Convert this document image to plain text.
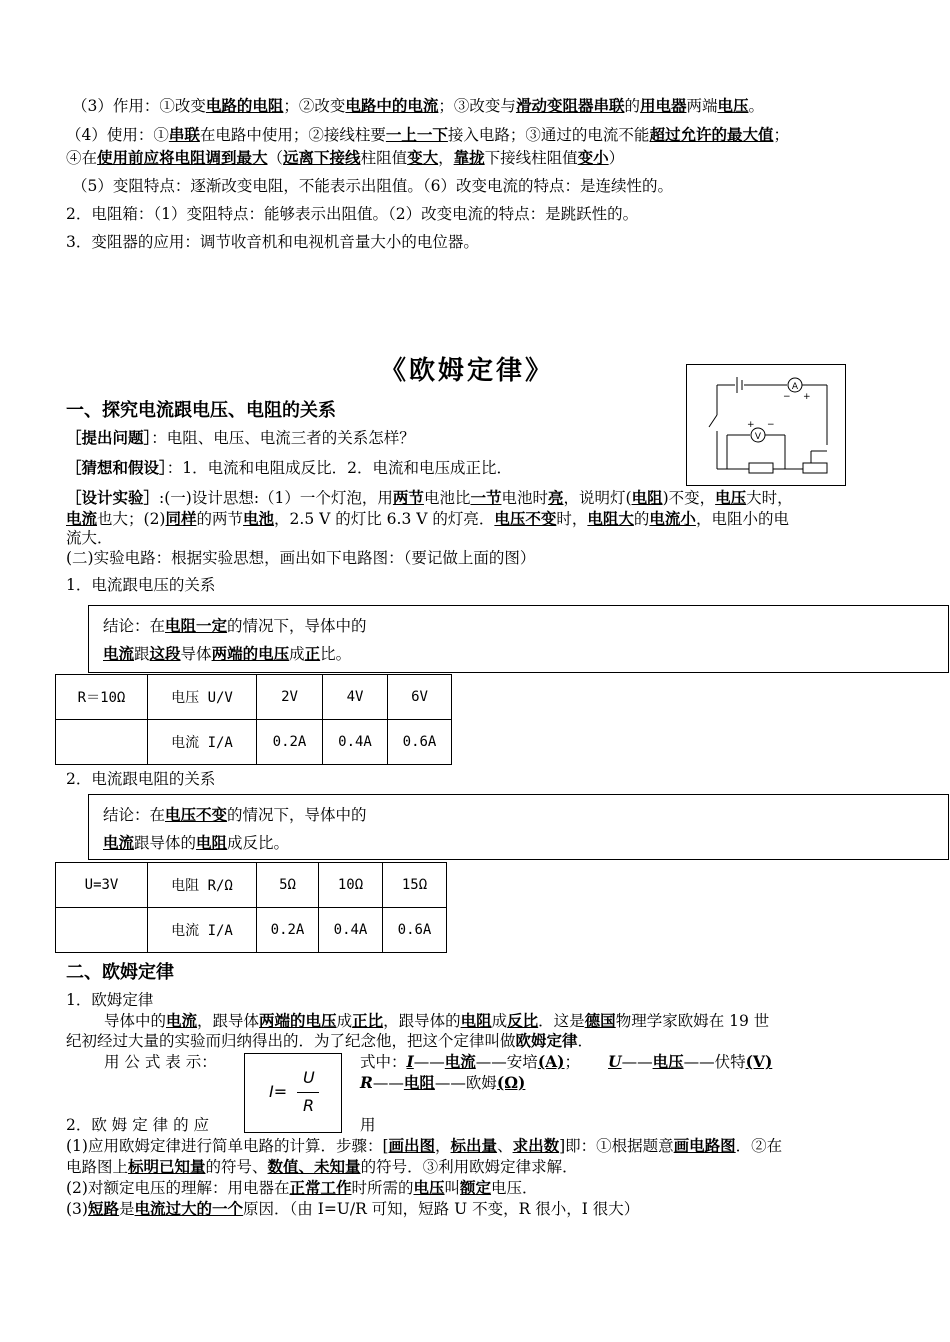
（3）作用：①改变电路的电阻；②改变电路中的电流；③改变与滑动变阻器串联的用电器两端电压。
（4）使用：①串联在电路中使用；②接线柱要一上一下接入电路；③通过的电流不能超过允许的最大值；
④在使用前应将电阻调到最大（远离下接线柱阻值变大，靠拢下接线柱阻值变小）
（5）变阻特点：逐渐改变电阻，不能表示出阻值。（6）改变电流的特点：是连续性的。
2．电阻箱：（1）变阻特点：能够表示出阻值。（2）改变电流的特点：是跳跃性的。
3．变阻器的应用：调节收音机和电视机音量大小的电位器。
《欧姆定律》
A
V
− +
+ −
一、探究电流跟电压、电阻的关系
［提出问题］：电阻、电压、电流三者的关系怎样？
［猜想和假设］：1．电流和电阻成反比．2．电流和电压成正比．
［设计实验］:(一)设计思想:（1）一个灯泡，用两节电池比一节电池时亮，说明灯(电阻)不变，电压大时，
电流也大；(2)同样的两节电池，2.5 V 的灯比 6.3 V 的灯亮．电压不变时，电阻大的电流小，电阻小的电
流大．
(二)实验电路：根据实验思想，画出如下电路图：（要记做上面的图）
1．电流跟电压的关系
结论：在电阻一定的情况下，导体中的
电流跟这段导体两端的电压成正比。
R＝10Ω	电压 U/V	2V	4V	6V
	电流 I/A	0.2A	0.4A	0.6A
2．电流跟电阻的关系
结论：在电压不变的情况下，导体中的
电流跟导体的电阻成反比。
U=3V	电阻 R/Ω	5Ω	10Ω	15Ω
	电流 I/A	0.2A	0.4A	0.6A
二、欧姆定律
1．欧姆定律
导体中的电流，跟导体两端的电压成正比，跟导体的电阻成反比．这是德国物理学家欧姆在 19 世
纪初经过大量的实验而归纳得出的．为了纪念他，把这个定律叫做欧姆定律．
用 公 式 表 示：
I=
U
R
式中：I——电流——安培(A)； U——电压——伏特(V)
R——电阻——欧姆(Ω)
2．欧 姆 定 律 的 应	用
(1)应用欧姆定律进行简单电路的计算．步骤：[画出图，标出量、求出数]即：①根据题意画电路图．②在
电路图上标明已知量的符号、数值、未知量的符号．③利用欧姆定律求解．
(2)对额定电压的理解：用电器在正常工作时所需的电压叫额定电压．
(3)短路是电流过大的一个原因．（由 I=U/R 可知，短路 U 不变，R 很小，I 很大）
